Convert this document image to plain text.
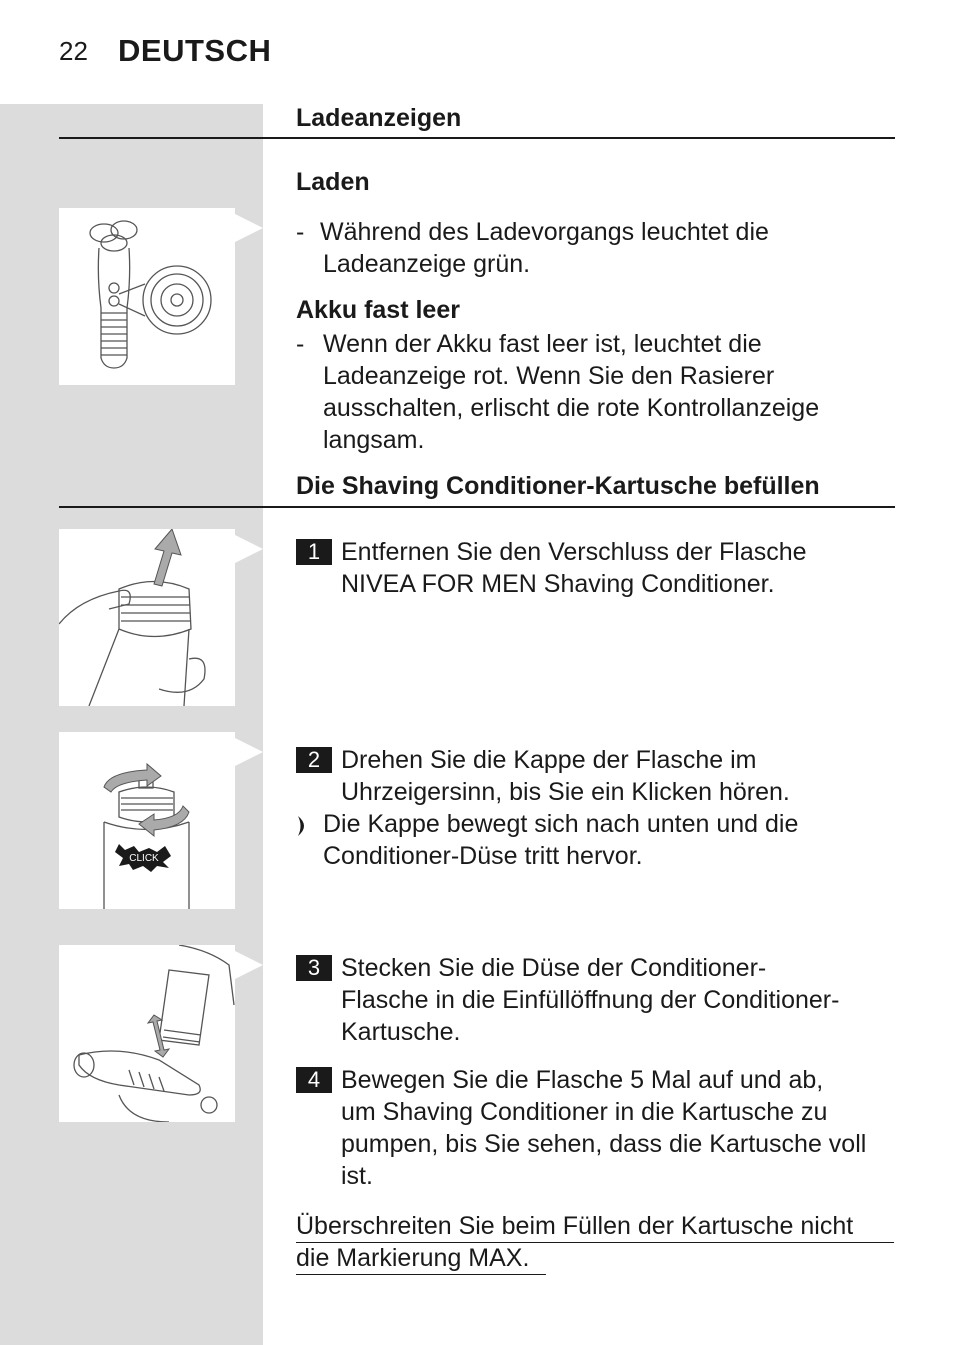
22 DEUTSCH
Ladeanzeigen
Laden
- Während des Ladevorgangs leuchtet die
Ladeanzeige grün.
Akku fast leer
- Wenn der Akku fast leer ist, leuchtet die
Ladeanzeige rot. Wenn Sie den Rasierer
ausschalten, erlischt die rote Kontrollanzeige
langsam.
Die Shaving Conditioner-Kartusche befüllen
1 Entfernen Sie den Verschluss der Flasche
NIVEA FOR MEN Shaving Conditioner.
CLICK
2 Drehen Sie die Kappe der Flasche im
Uhrzeigersinn, bis Sie ein Klicken hören.
Die Kappe bewegt sich nach unten und die
Conditioner-Düse tritt hervor.
3 Stecken Sie die Düse der Conditioner-
Flasche in die Einfüllöffnung der Conditioner-
Kartusche.
4 Bewegen Sie die Flasche 5 Mal auf und ab,
um Shaving Conditioner in die Kartusche zu
pumpen, bis Sie sehen, dass die Kartusche voll
ist.
Überschreiten Sie beim Füllen der Kartusche nicht
die Markierung MAX.
